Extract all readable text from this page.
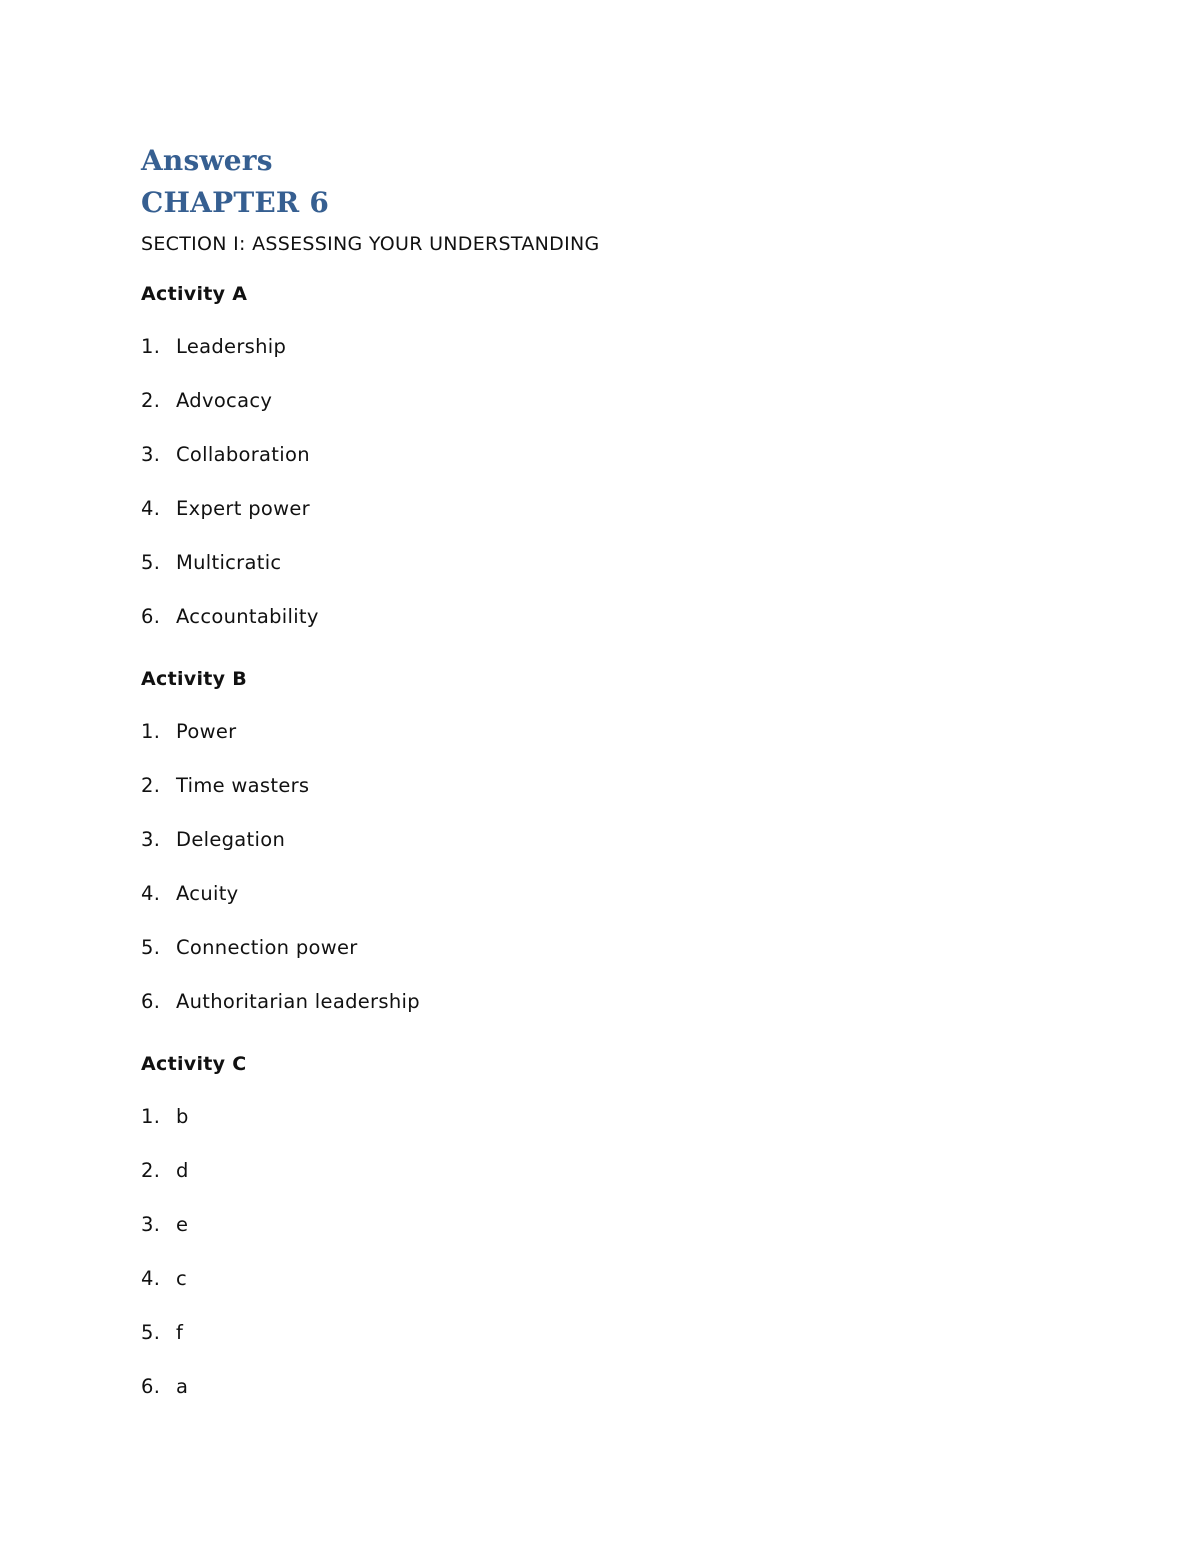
Answers
CHAPTER 6
SECTION I: ASSESSING YOUR UNDERSTANDING
Activity A
1. Leadership
2. Advocacy
3. Collaboration
4. Expert power
5. Multicratic
6. Accountability
Activity B
1. Power
2. Time wasters
3. Delegation
4. Acuity
5. Connection power
6. Authoritarian leadership
Activity C
1. b
2. d
3. e
4. c
5. f
6. a
